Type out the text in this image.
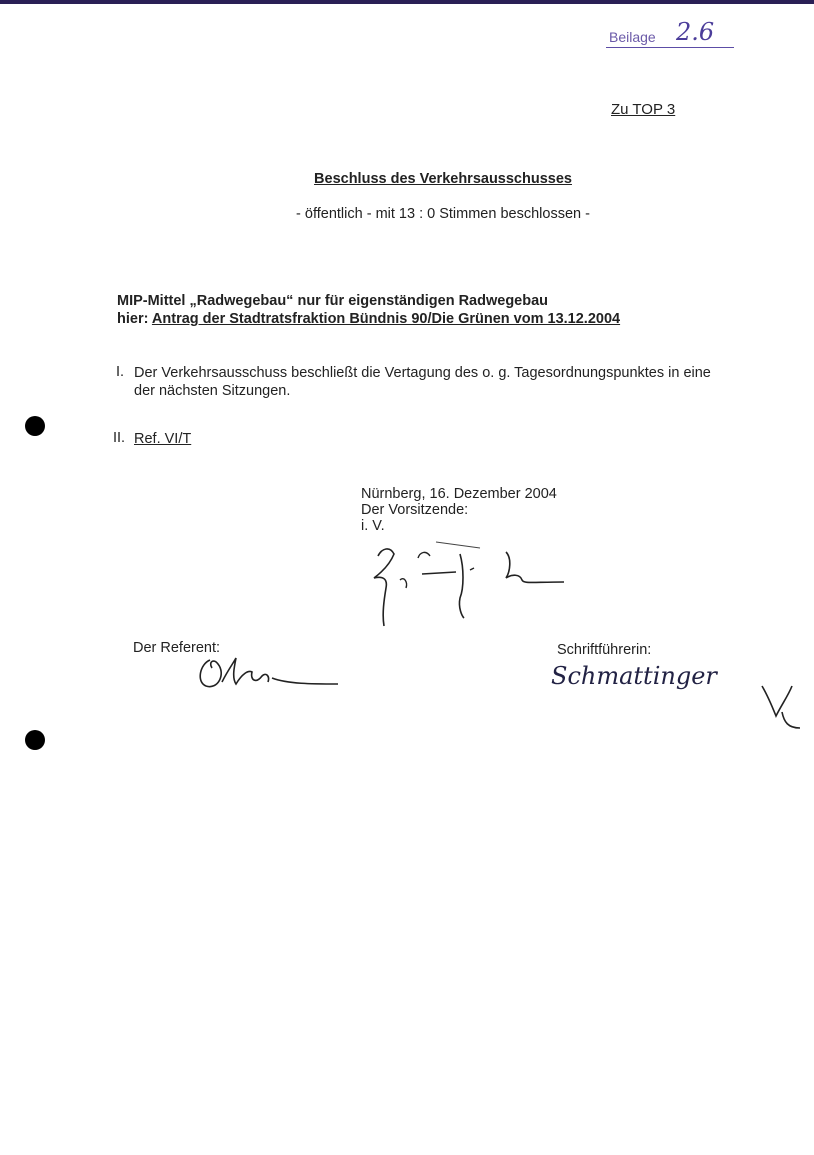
Beilage 2.6
Zu TOP 3
Beschluss des Verkehrsausschusses
- öffentlich - mit 13 : 0 Stimmen beschlossen -
MIP-Mittel „Radwegebau“ nur für eigenständigen Radwegebau
hier: Antrag der Stadtratsfraktion Bündnis 90/Die Grünen vom 13.12.2004
I. Der Verkehrsausschuss beschließt die Vertagung des o. g. Tagesordnungspunktes in eine
der nächsten Sitzungen.
II. Ref. VI/T
Nürnberg, 16. Dezember 2004
Der Vorsitzende:
i. V.
Der Referent:	Schriftführerin:
Schmattinger
